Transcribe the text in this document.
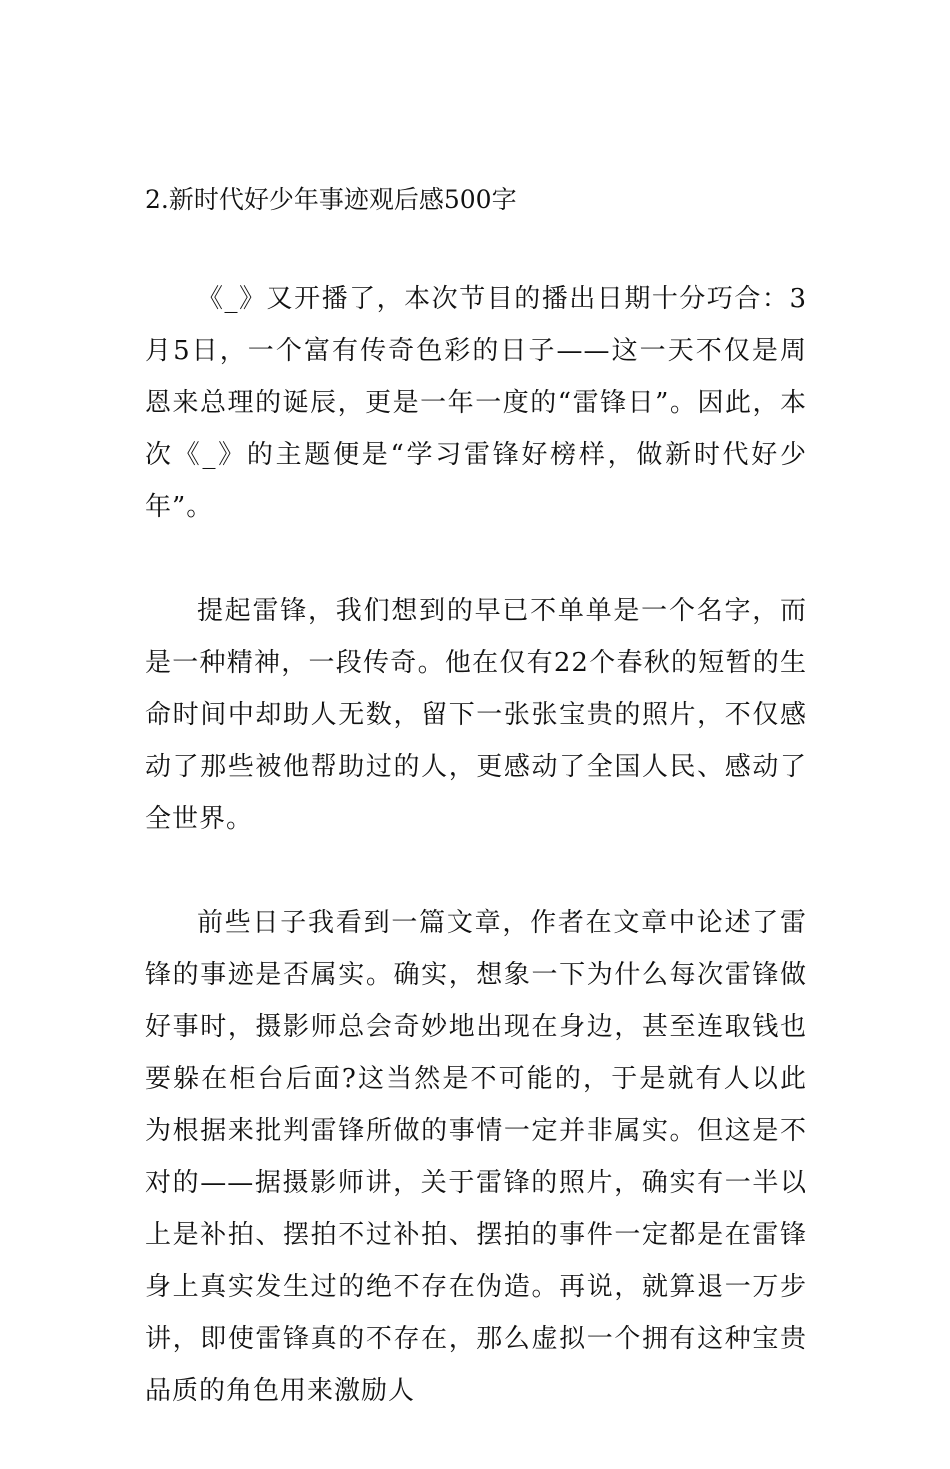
2.新时代好少年事迹观后感500字

《_》又开播了，本次节目的播出日期十分巧合：3月5日，一个富有传奇色彩的日子——这一天不仅是周恩来总理的诞辰，更是一年一度的“雷锋日”。因此，本次《_》的主题便是“学习雷锋好榜样，做新时代好少年”。

提起雷锋，我们想到的早已不单单是一个名字，而是一种精神，一段传奇。他在仅有22个春秋的短暂的生命时间中却助人无数，留下一张张宝贵的照片，不仅感动了那些被他帮助过的人，更感动了全国人民、感动了全世界。

前些日子我看到一篇文章，作者在文章中论述了雷锋的事迹是否属实。确实，想象一下为什么每次雷锋做好事时，摄影师总会奇妙地出现在身边，甚至连取钱也要躲在柜台后面?这当然是不可能的，于是就有人以此为根据来批判雷锋所做的事情一定并非属实。但这是不对的——据摄影师讲，关于雷锋的照片，确实有一半以上是补拍、摆拍不过补拍、摆拍的事件一定都是在雷锋身上真实发生过的绝不存在伪造。再说，就算退一万步讲，即使雷锋真的不存在，那么虚拟一个拥有这种宝贵品质的角色用来激励人
